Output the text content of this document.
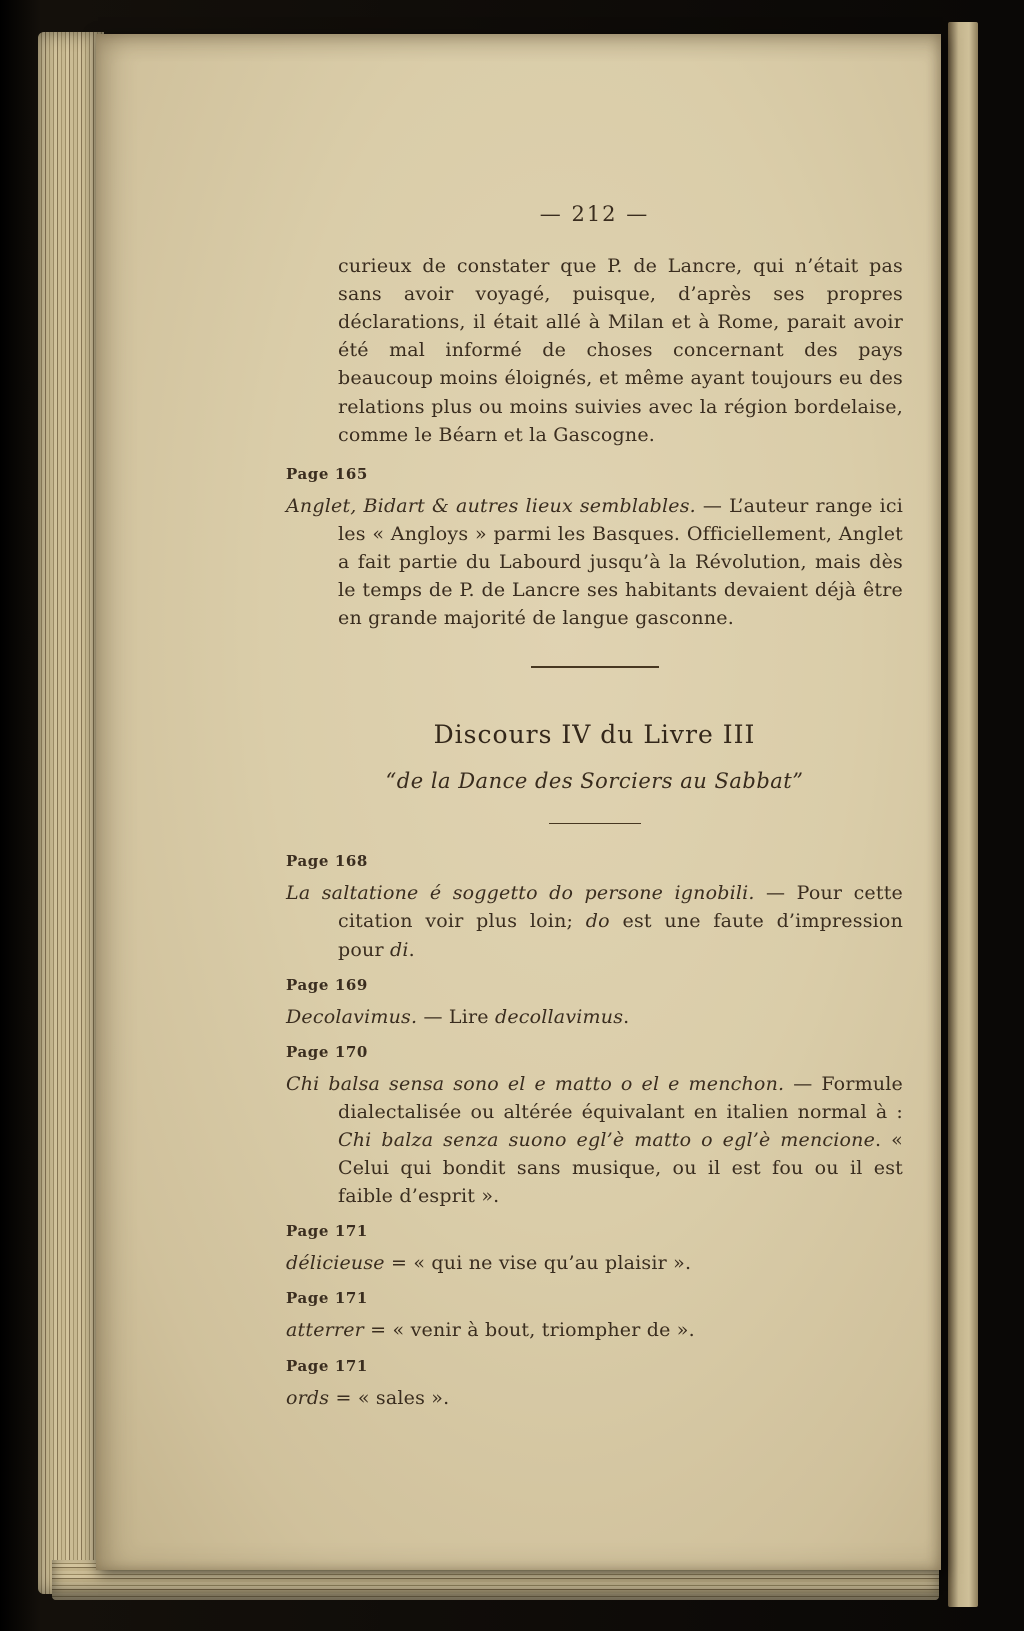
— 212 —

curieux de constater que P. de Lancre, qui n’était pas sans avoir voyagé, puisque, d’après ses propres déclarations, il était allé à Milan et à Rome, parait avoir été mal informé de choses concernant des pays beaucoup moins éloignés, et même ayant toujours eu des relations plus ou moins suivies avec la région bordelaise, comme le Béarn et la Gascogne.

Page 165

Anglet, Bidart & autres lieux semblables. — L’auteur range ici les « Angloys » parmi les Basques. Officiellement, Anglet a fait partie du Labourd jusqu’à la Révolution, mais dès le temps de P. de Lancre ses habitants devaient déjà être en grande majorité de langue gasconne.

Discours IV du Livre III
“de la Dance des Sorciers au Sabbat”
Page 168

La saltatione é soggetto do persone ignobili. — Pour cette citation voir plus loin; do est une faute d’impression pour di.

Page 169

Decolavimus. — Lire decollavimus.

Page 170

Chi balsa sensa sono el e matto o el e menchon. — Formule dialectalisée ou altérée équivalant en italien normal à : Chi balza senza suono egl’è matto o egl’è mencione. « Celui qui bondit sans musique, ou il est fou ou il est faible d’esprit ».

Page 171

délicieuse = « qui ne vise qu’au plaisir ».

Page 171

atterrer = « venir à bout, triompher de ».

Page 171

ords = « sales ».
